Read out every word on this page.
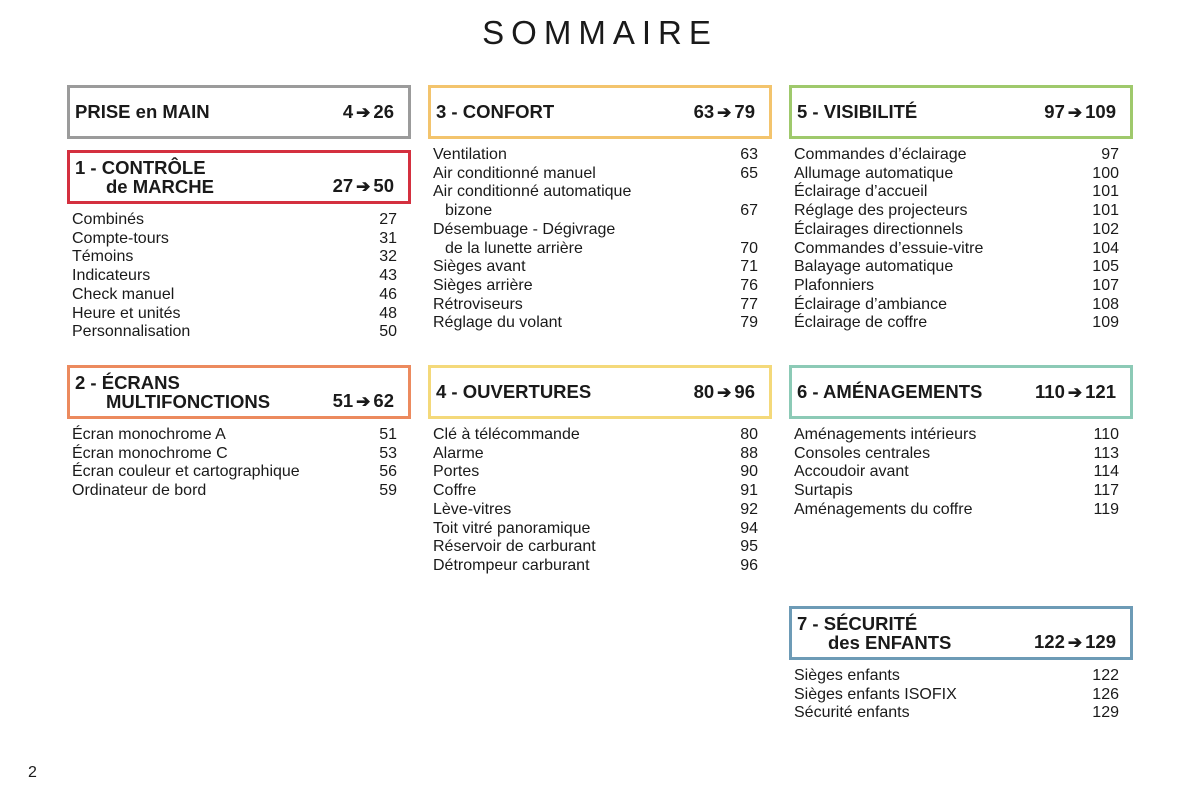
SOMMAIRE
PRISE en MAIN	4 ➔ 26
1 - CONTRÔLE
de MARCHE	27 ➔ 50
Combinés	27
Compte-tours	31
Témoins	32
Indicateurs	43
Check manuel	46
Heure et unités	48
Personnalisation	50
2 - ÉCRANS
MULTIFONCTIONS	51 ➔ 62
Écran monochrome A	51
Écran monochrome C	53
Écran couleur et cartographique	56
Ordinateur de bord	59
3 - CONFORT	63 ➔ 79
Ventilation	63
Air conditionné manuel	65
Air conditionné automatique
bizone	67
Désembuage - Dégivrage
de la lunette arrière	70
Sièges avant	71
Sièges arrière	76
Rétroviseurs	77
Réglage du volant	79
4 - OUVERTURES	80 ➔ 96
Clé à télécommande	80
Alarme	88
Portes	90
Coffre	91
Lève-vitres	92
Toit vitré panoramique	94
Réservoir de carburant	95
Détrompeur carburant	96
5 - VISIBILITÉ	97 ➔ 109
Commandes d’éclairage	97
Allumage automatique	100
Éclairage d’accueil	101
Réglage des projecteurs	101
Éclairages directionnels	102
Commandes d’essuie-vitre	104
Balayage automatique	105
Plafonniers	107
Éclairage d’ambiance	108
Éclairage de coffre	109
6 - AMÉNAGEMENTS	110 ➔ 121
Aménagements intérieurs	110
Consoles centrales	113
Accoudoir avant	114
Surtapis	117
Aménagements du coffre	119
7 - SÉCURITÉ
des ENFANTS	122 ➔ 129
Sièges enfants	122
Sièges enfants ISOFIX	126
Sécurité enfants	129
2
